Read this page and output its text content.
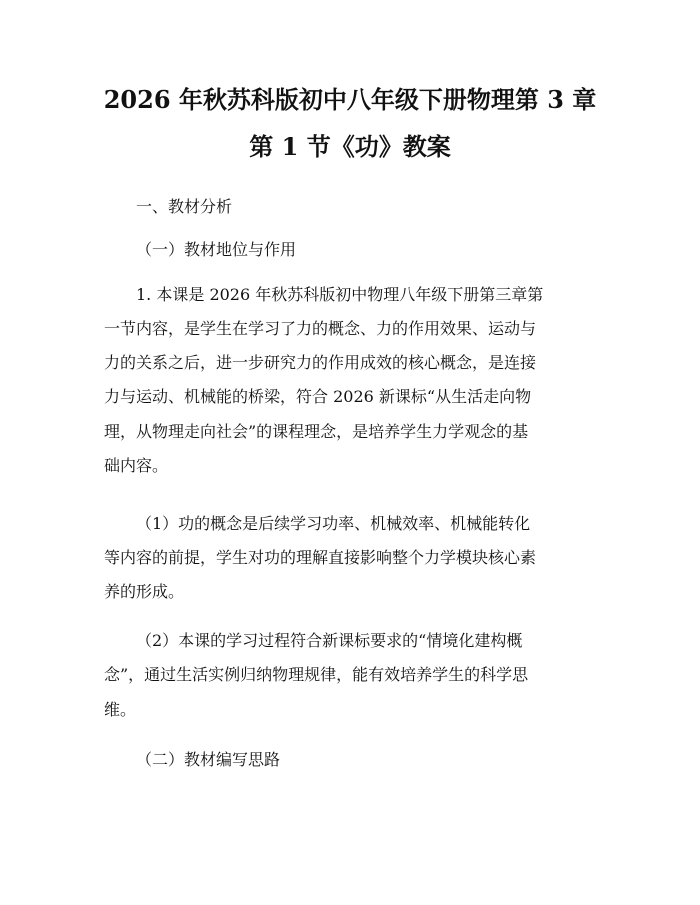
2026 年秋苏科版初中八年级下册物理第 3 章
第 1 节《功》教案
一、教材分析
（一）教材地位与作用
1. 本课是 2026 年秋苏科版初中物理八年级下册第三章第
一节内容，是学生在学习了力的概念、力的作用效果、运动与
力的关系之后，进一步研究力的作用成效的核心概念，是连接
力与运动、机械能的桥梁，符合 2026 新课标“从生活走向物
理，从物理走向社会”的课程理念，是培养学生力学观念的基
础内容。
（1）功的概念是后续学习功率、机械效率、机械能转化
等内容的前提，学生对功的理解直接影响整个力学模块核心素
养的形成。
（2）本课的学习过程符合新课标要求的“情境化建构概
念”，通过生活实例归纳物理规律，能有效培养学生的科学思
维。
（二）教材编写思路
